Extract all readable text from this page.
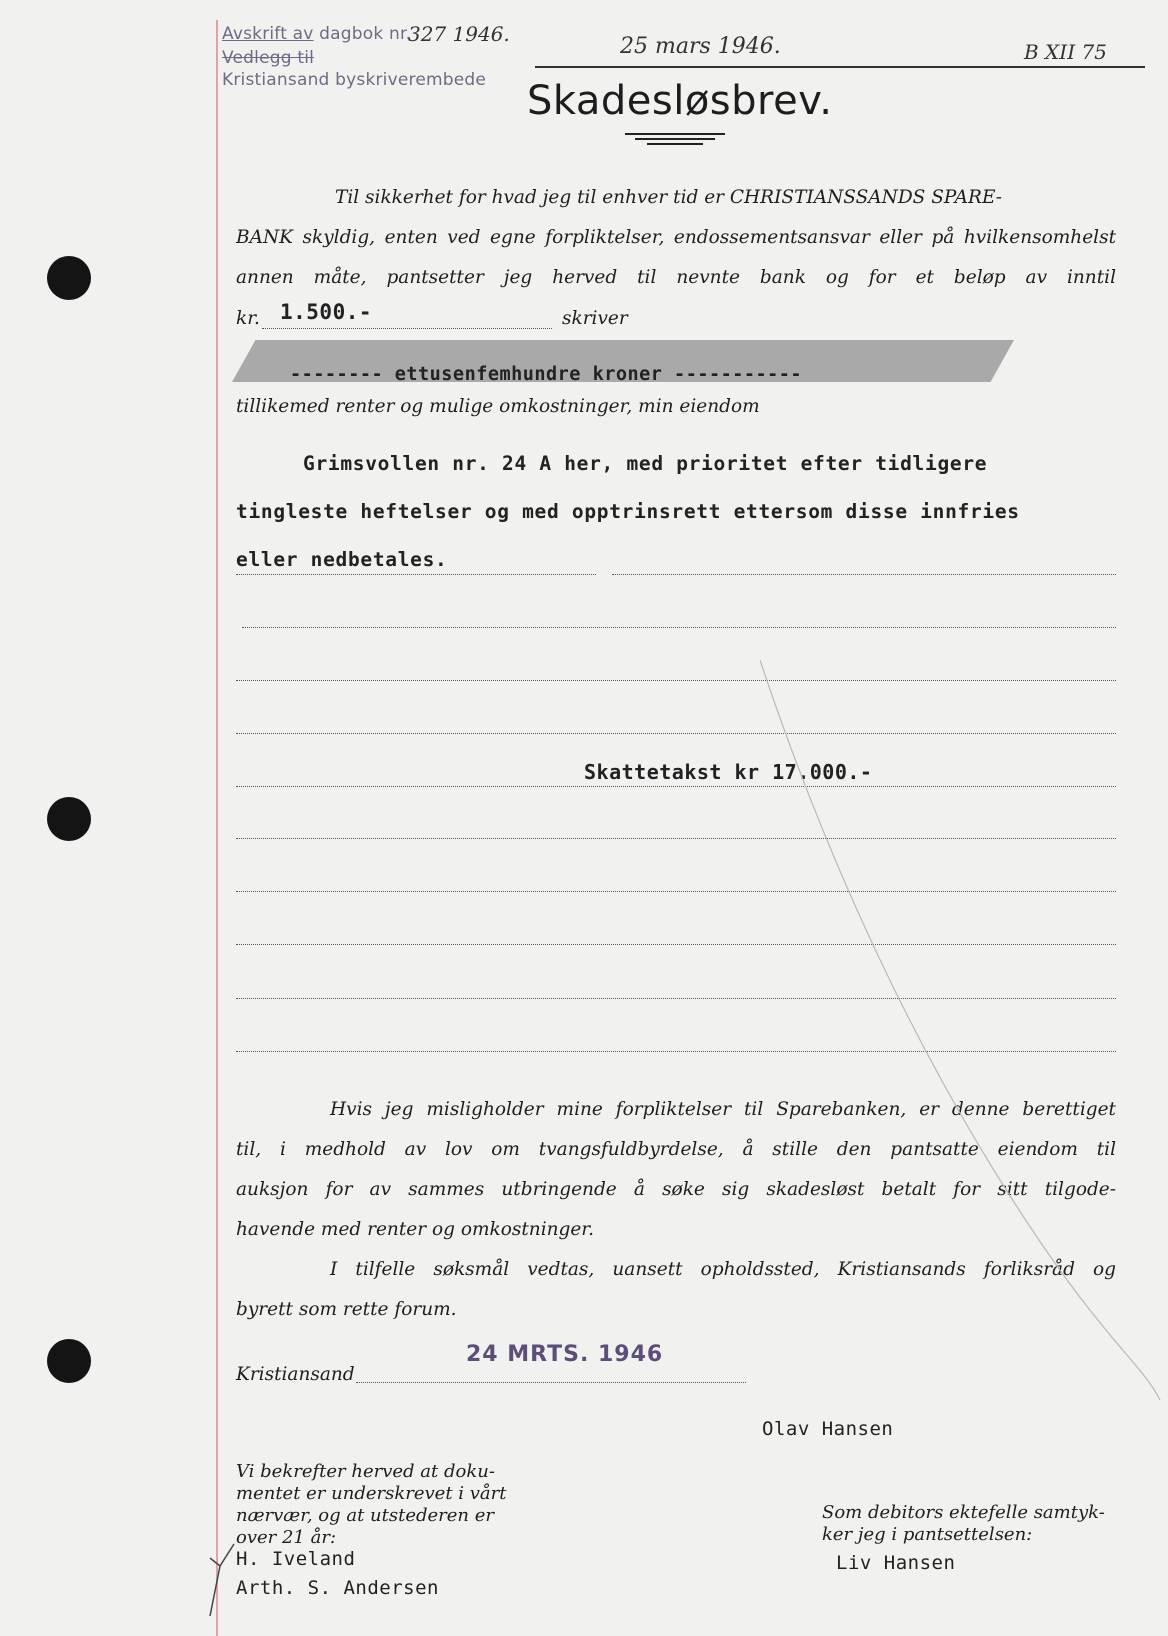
Avskrift av dagbok nr.
Vedlegg til
Kristiansand byskriverembede
327 1946.	25 mars 1946.	B XII 75
Skadesløsbrev.
Til sikkerhet for hvad jeg til enhver tid er CHRISTIANSSANDS SPARE-
BANK skyldig, enten ved egne forpliktelser, endossementsansvar eller på hvilkensomhelst
annen måte, pantsetter jeg herved til nevnte bank og for et beløp av inntil
kr. 1.500.-	skriver
-------- ettusenfemhundre kroner -----------
tillikemed renter og mulige omkostninger, min eiendom
Grimsvollen nr. 24 A her, med prioritet efter tidligere
tingleste heftelser og med opptrinsrett ettersom disse innfries
eller nedbetales.
Skattetakst kr 17.000.-
Hvis jeg misligholder mine forpliktelser til Sparebanken, er denne berettiget
til, i medhold av lov om tvangsfuldbyrdelse, å stille den pantsatte eiendom til
auksjon for av sammes utbringende å søke sig skadesløst betalt for sitt tilgode-
havende med renter og omkostninger.
I tilfelle søksmål vedtas, uansett opholdssted, Kristiansands forliksråd og
byrett som rette forum.
Kristiansand
24 MRTS. 1946
Olav Hansen
Vi bekrefter herved at doku-
mentet er underskrevet i vårt
nærvær, og at utstederen er
over 21 år:
H. Iveland
Arth. S. Andersen
Som debitors ektefelle samtyk-
ker jeg i pantsettelsen:
Liv Hansen
